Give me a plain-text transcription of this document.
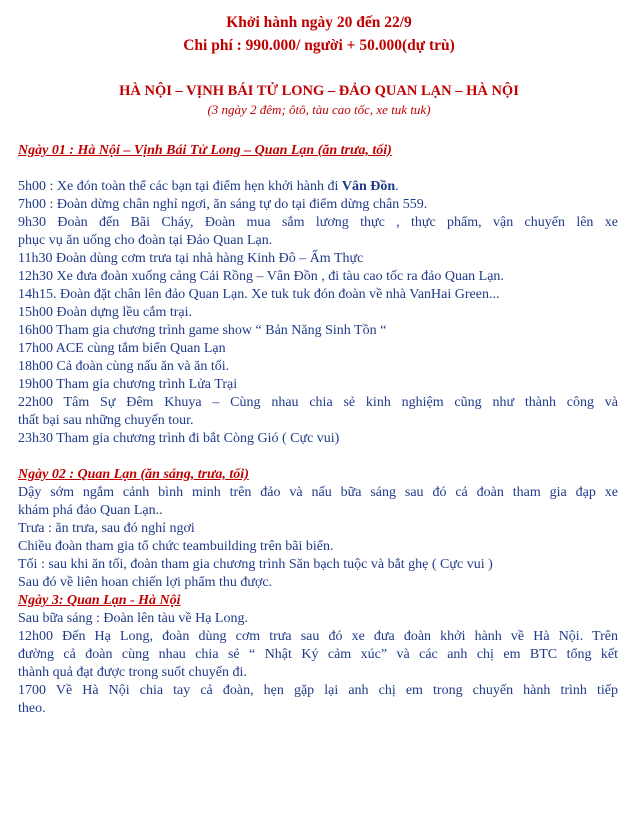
Khởi hành ngày 20 đến 22/9
Chi phí : 990.000/ người + 50.000(dự trù)
HÀ NỘI – VỊNH BÁI TỬ LONG – ĐẢO QUAN LẠN – HÀ NỘI
(3 ngày 2 đêm; ôtô, tàu cao tốc, xe tuk tuk)
Ngày 01 : Hà Nội – Vịnh Bái Tử Long – Quan Lạn (ăn trưa, tối)
5h00 : Xe đón toàn thể các bạn tại điểm hẹn khởi hành đi Vân Đồn.
7h00 : Đoàn dừng chân nghỉ ngơi, ăn sáng tự do tại điểm dừng chân 559.
9h30 Đoàn đến Bãi Cháy, Đoàn mua sắm lương thực , thực phẩm, vận chuyển lên xe
phục vụ ăn uống cho đoàn tại Đảo Quan Lạn.
11h30 Đoàn dùng cơm trưa tại nhà hàng Kinh Đô – Ẩm Thực
12h30 Xe đưa đoàn xuống cảng Cái Rồng – Vân Đồn , đi tàu cao tốc ra đảo Quan Lạn.
14h15. Đoàn đặt chân lên đảo Quan Lạn. Xe tuk tuk đón đoàn về nhà VanHai Green...
15h00 Đoàn dựng lều cắm trại.
16h00 Tham gia chương trình game show “ Bản Năng Sinh Tồn “
17h00 ACE cùng tắm biển Quan Lạn
18h00 Cả đoàn cùng nấu ăn và ăn tối.
19h00 Tham gia chương trình Lửa Trại
22h00 Tâm Sự Đêm Khuya – Cùng nhau chia sẻ kinh nghiệm cũng như thành công và
thất bại sau những chuyến tour.
23h30 Tham gia chương trình đi bắt Còng Gió ( Cực vui)
Ngày 02 : Quan Lạn (ăn sáng, trưa, tối)
Dậy sớm ngắm cảnh bình minh trên đảo và nấu bữa sáng sau đó cả đoàn tham gia đạp xe
khám phá đảo Quan Lạn..
Trưa : ăn trưa, sau đó nghỉ ngơi
Chiều đoàn tham gia tổ chức teambuilding trên bãi biển.
Tối : sau khi ăn tối, đoàn tham gia chương trình Săn bạch tuộc và bắt ghẹ ( Cực vui )
Sau đó về liên hoan chiến lợi phẩm thu được.
Ngày 3: Quan Lạn - Hà Nội
Sau bữa sáng : Đoàn lên tàu về Hạ Long.
12h00 Đến Hạ Long, đoàn dùng cơm trưa sau đó xe đưa đoàn khởi hành về Hà Nội. Trên
đường cả đoàn cùng nhau chia sẻ “ Nhật Ký cảm xúc” và các anh chị em BTC tổng kết
thành quả đạt được trong suốt chuyến đi.
1700 Về Hà Nội chia tay cả đoàn, hẹn gặp lại anh chị em trong chuyến hành trình tiếp
theo.
